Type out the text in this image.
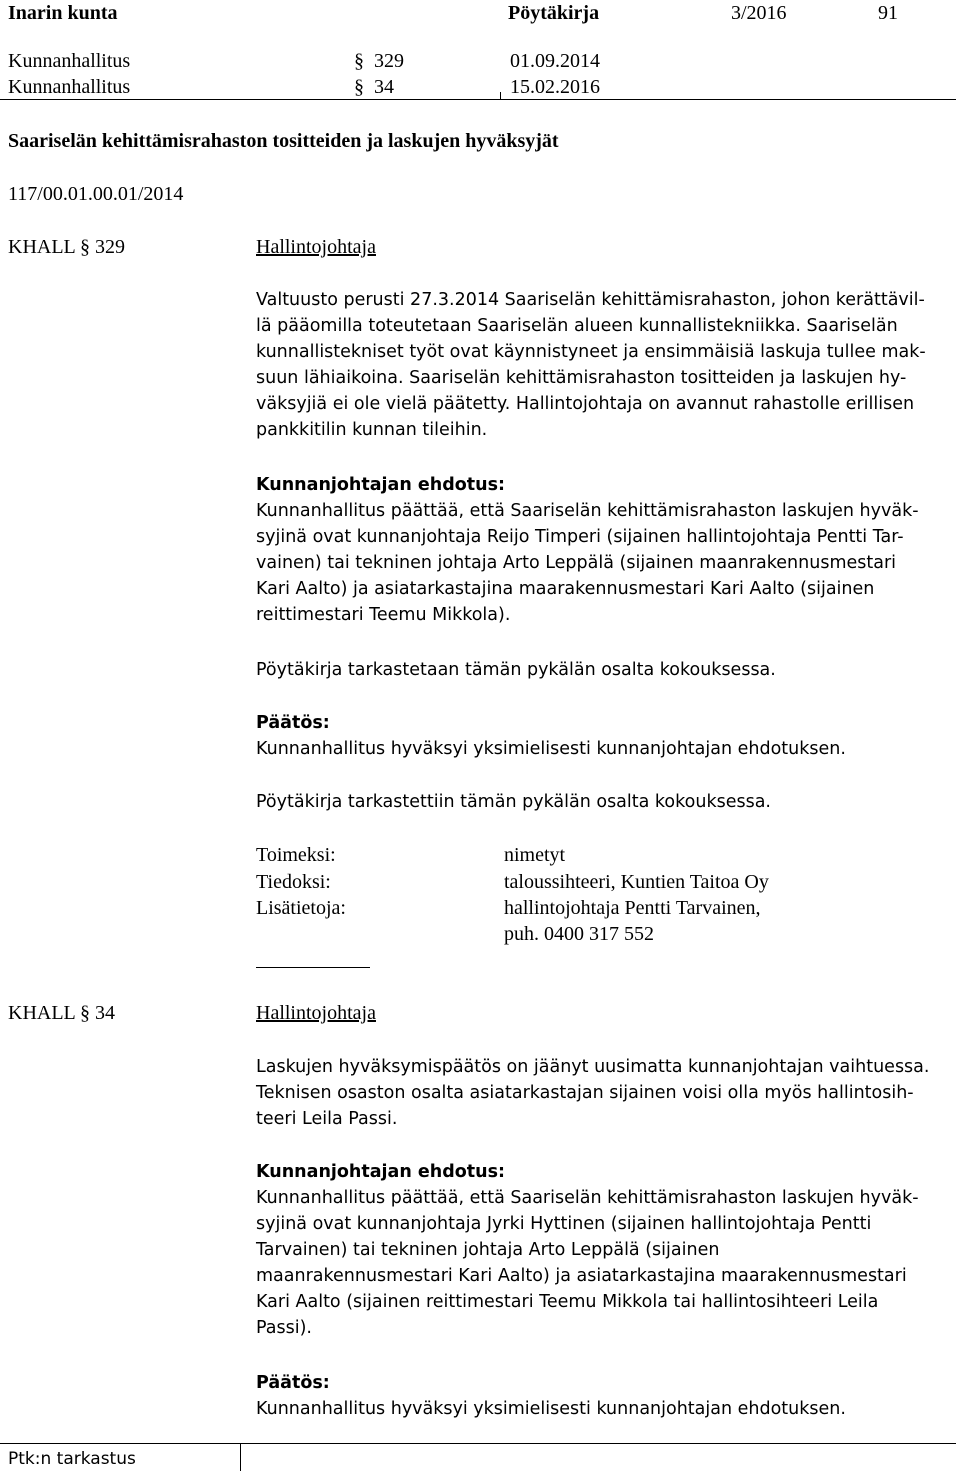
Inarin kunta	Pöytäkirja	3/2016	91
Kunnanhallitus	§ 329	01.09.2014
Kunnanhallitus	§ 34	15.02.2016
Saariselän kehittämisrahaston tositteiden ja laskujen hyväksyjät
117/00.01.00.01/2014
KHALL § 329	Hallintojohtaja
Valtuusto perusti 27.3.2014 Saariselän kehittämisrahaston, johon kerättävil-
lä pääomilla toteutetaan Saariselän alueen kunnallistekniikka. Saariselän
kunnallistekniset työt ovat käynnistyneet ja ensimmäisiä laskuja tullee mak-
suun lähiaikoina. Saariselän kehittämisrahaston tositteiden ja laskujen hy-
väksyjiä ei ole vielä päätetty. Hallintojohtaja on avannut rahastolle erillisen
pankkitilin kunnan tileihin.
Kunnanjohtajan ehdotus:
Kunnanhallitus päättää, että Saariselän kehittämisrahaston laskujen hyväk-
syjinä ovat kunnanjohtaja Reijo Timperi (sijainen hallintojohtaja Pentti Tar-
vainen) tai tekninen johtaja Arto Leppälä (sijainen maanrakennusmestari
Kari Aalto) ja asiatarkastajina maarakennusmestari Kari Aalto (sijainen
reittimestari Teemu Mikkola).
Pöytäkirja tarkastetaan tämän pykälän osalta kokouksessa.
Päätös:
Kunnanhallitus hyväksyi yksimielisesti kunnanjohtajan ehdotuksen.
Pöytäkirja tarkastettiin tämän pykälän osalta kokouksessa.
Toimeksi:	nimetyt
Tiedoksi:	taloussihteeri, Kuntien Taitoa Oy
Lisätietoja:	hallintojohtaja Pentti Tarvainen,
puh. 0400 317 552
KHALL § 34	Hallintojohtaja
Laskujen hyväksymispäätös on jäänyt uusimatta kunnanjohtajan vaihtuessa.
Teknisen osaston osalta asiatarkastajan sijainen voisi olla myös hallintosih-
teeri Leila Passi.
Kunnanjohtajan ehdotus:
Kunnanhallitus päättää, että Saariselän kehittämisrahaston laskujen hyväk-
syjinä ovat kunnanjohtaja Jyrki Hyttinen (sijainen hallintojohtaja Pentti
Tarvainen) tai tekninen johtaja Arto Leppälä (sijainen
maanrakennusmestari Kari Aalto) ja asiatarkastajina maarakennusmestari
Kari Aalto (sijainen reittimestari Teemu Mikkola tai hallintosihteeri Leila
Passi).
Päätös:
Kunnanhallitus hyväksyi yksimielisesti kunnanjohtajan ehdotuksen.
Ptk:n tarkastus
